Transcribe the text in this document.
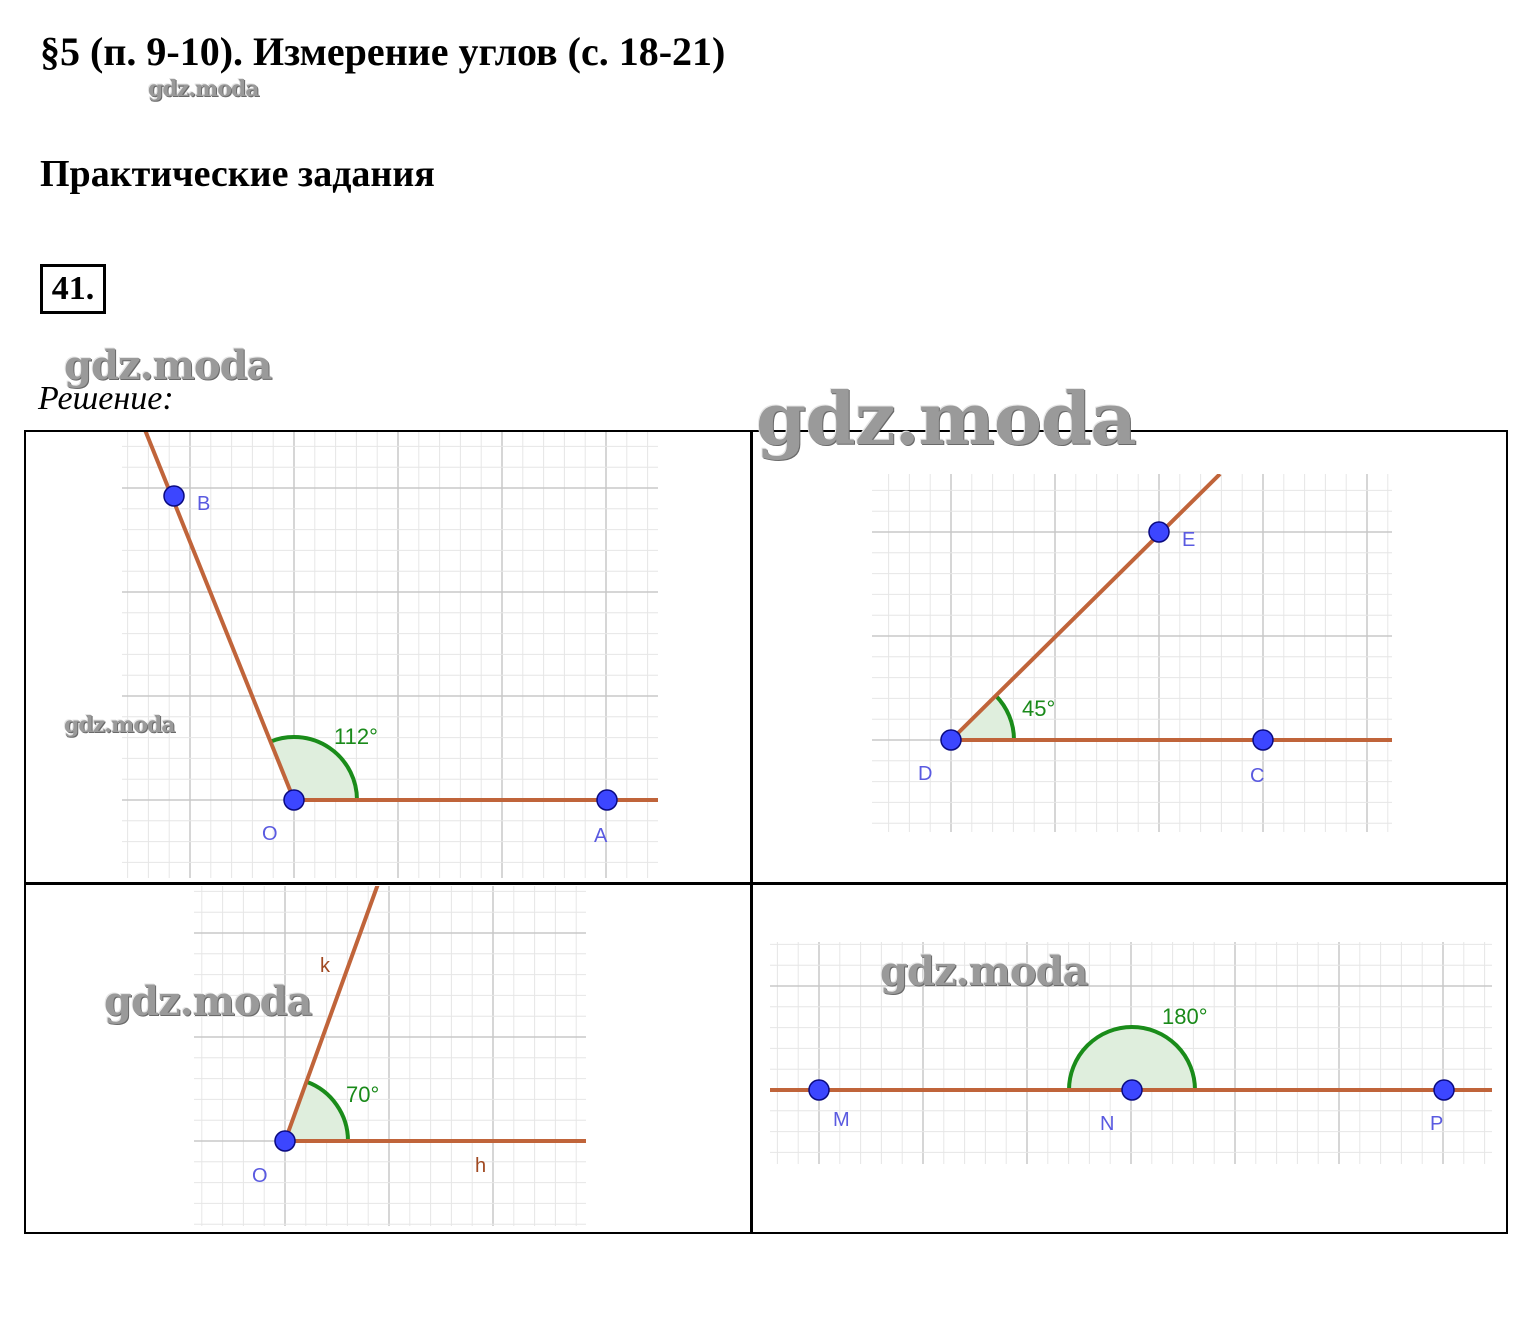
§5 (п. 9-10). Измерение углов (с. 18-21)
gdz.moda
Практические задания
41.
gdz.moda
Решение:
O	A
B
112°
D	C
E
45°
O	h
k
70°
M	N	P
180°
gdz.moda
gdz.moda
gdz.moda
gdz.moda
